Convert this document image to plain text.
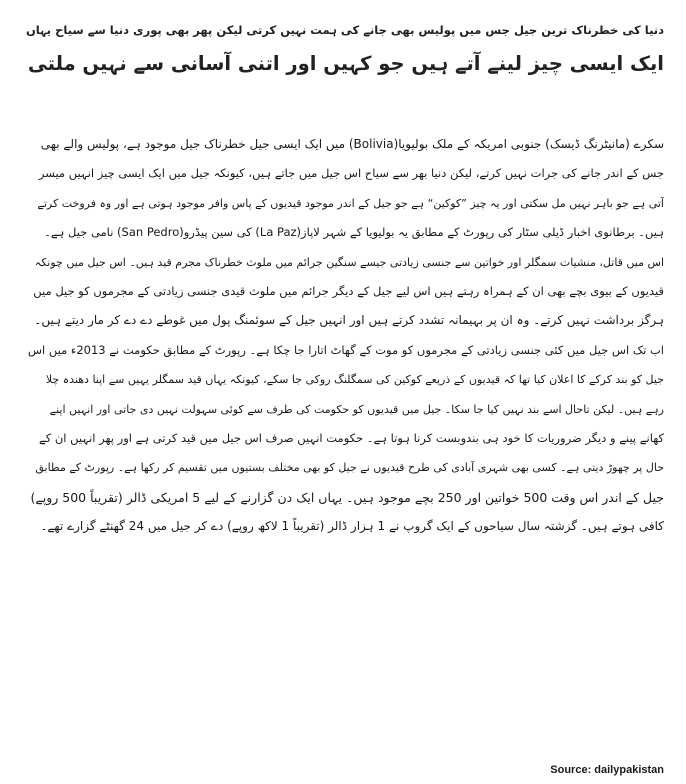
دنیا کی خطرناک ترین جیل جس میں پولیس بھی جانے کی ہمت نہیں کرتی لیکن پھر بھی پوری دنیا سے سیاح یہاں
ایک ایسی چیز لینے آتے ہیں جو کہیں اور اتنی آسانی سے نہیں ملتی
سکرے (مانیٹرنگ ڈیسک) جنوبی امریکہ کے ملک بولیویا(Bolivia) میں ایک ایسی جیل خطرناک جیل موجود ہے، پولیس والے بھی
جس کے اندر جانے کی جرات نہیں کرتے، لیکن دنیا بھر سے سیاح اس جیل میں جاتے ہیں، کیونکہ جیل میں ایک ایسی چیز انہیں میسر
آتی ہے جو باہر نہیں مل سکتی اور یہ چیز ”کوکین“ ہے جو جیل کے اندر موجود قیدیوں کے پاس وافر موجود ہوتی ہے اور وہ فروخت کرتے
ہیں۔ برطانوی اخبار ڈیلی سٹار کی رپورٹ کے مطابق یہ بولیویا کے شہر لاپاز(La Paz) کی سین پیڈرو(San Pedro) نامی جیل ہے۔
اس میں قاتل، منشیات سمگلر اور خواتین سے جنسی زیادتی جیسے سنگین جرائم میں ملوث خطرناک مجرم قید ہیں۔ اس جیل میں چونکہ
قیدیوں کے بیوی بچے بھی ان کے ہمراہ رہتے ہیں اس لیے جیل کے دیگر جرائم میں ملوث قیدی جنسی زیادتی کے مجرموں کو جیل میں
ہرگز برداشت نہیں کرتے۔ وہ ان پر بہیمانہ تشدد کرتے ہیں اور انہیں جیل کے سوئمنگ پول میں غوطے دے دے کر مار دیتے ہیں۔
اب تک اس جیل میں کئی جنسی زیادتی کے مجرموں کو موت کے گھاٹ اتارا جا چکا ہے۔ رپورٹ کے مطابق حکومت نے 2013ء میں اس
جیل کو بند کرکے کا اعلان کیا تھا کہ قیدیوں کے ذریعے کوکین کی سمگلنگ روکی جا سکے، کیونکہ یہاں قید سمگلر یہیں سے اپنا دھندہ چلا
رہے ہیں۔ لیکن تاحال اسے بند نہیں کیا جا سکا۔ جیل میں قیدیوں کو حکومت کی طرف سے کوئی سہولت نہیں دی جاتی اور انہیں اپنے
کھانے پینے و دیگر ضروریات کا خود ہی بندوبست کرنا ہوتا ہے۔ حکومت انہیں صرف اس جیل میں قید کرتی ہے اور پھر انہیں ان کے
حال پر چھوڑ دیتی ہے۔ کسی بھی شہری آبادی کی طرح قیدیوں نے جیل کو بھی مختلف بستیوں میں تقسیم کر رکھا ہے۔ رپورٹ کے مطابق
جیل کے اندر اس وقت 500 خواتین اور 250 بچے موجود ہیں۔ یہاں ایک دن گزارنے کے لیے 5 امریکی ڈالر (تقریباً 500 روپے)
کافی ہوتے ہیں۔ گزشتہ سال سیاحوں کے ایک گروپ نے 1 ہزار ڈالر (تقریباً 1 لاکھ روپے) دے کر جیل میں 24 گھنٹے گزارے تھے۔
Source: dailypakistan
